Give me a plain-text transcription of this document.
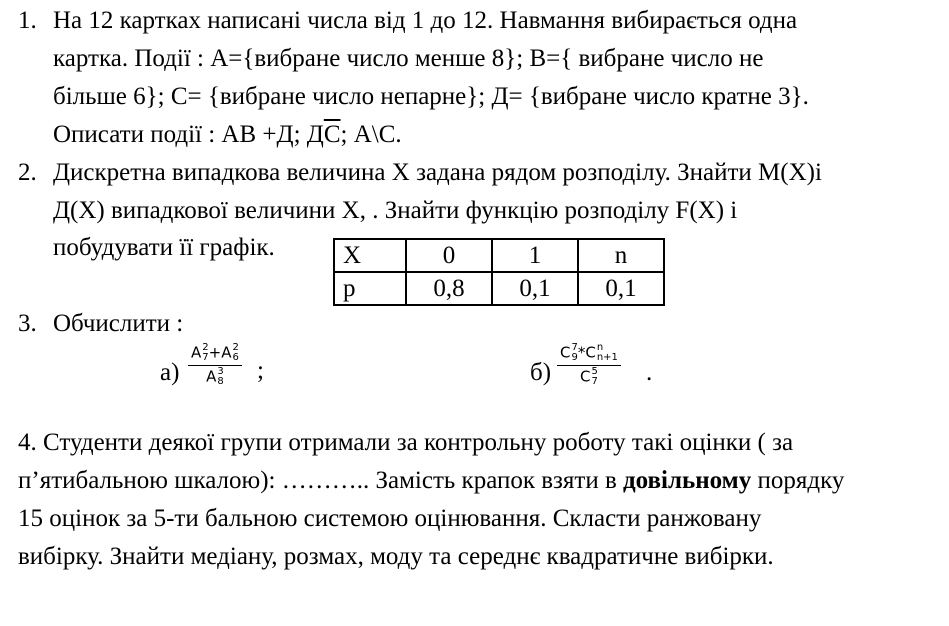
1. На 12 картках написані числа від 1 до 12. Навмання вибирається одна
картка. Події : А={вибране число менше 8}; В={ вибране число не
більше 6}; С= {вибране число непарне}; Д= {вибране число кратне 3}.
Описати події : АВ +Д; ДС; А\С.
2. Дискретна випадкова величина Х задана рядом розподілу. Знайти М(Х)і
Д(Х) випадкової величини Х, . Знайти функцію розподілу F(X) і
побудувати її графік.	X	0	1	n
p	0,8	0,1	0,1
3. Обчислити :
а) A 2
7 +A 2
6
A 3
8 ;	б)
C 7
9 *C n
n+1
C 5
7 .
4. Студенти деякої групи отримали за контрольну роботу такі оцінки ( за
п’ятибальною шкалою): ……….. Замість крапок взяти в довільному порядку
15 оцінок за 5-ти бальною системою оцінювання. Скласти ранжовану
вибірку. Знайти медіану, розмах, моду та середнє квадратичне вибірки.
